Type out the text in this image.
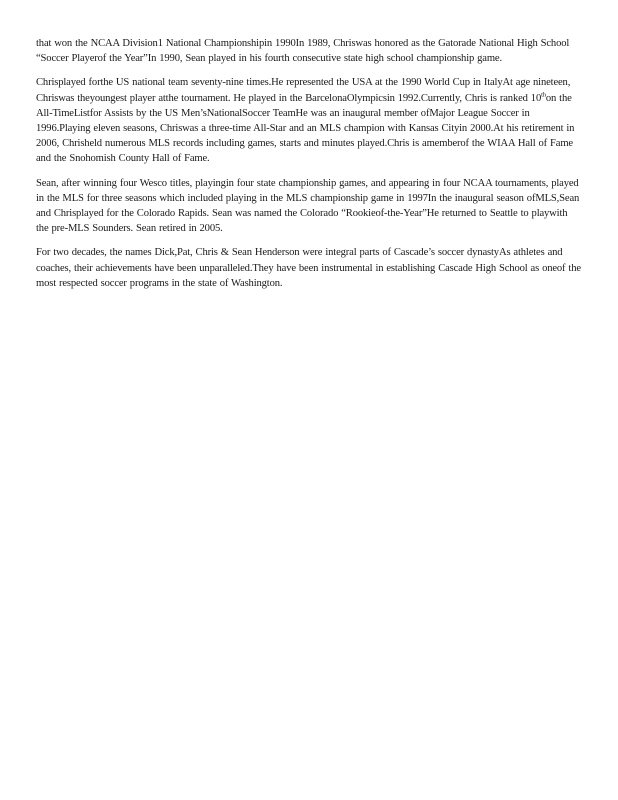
that won the NCAA Division1 National Championshipin 1990In 1989, Chriswas honored as the Gatorade National High School “Soccer Playerof the Year”In 1990, Sean played in his fourth consecutive state high school championship game.

Chrisplayed forthe US national team seventy-nine times.He represented the USA at the 1990 World Cup in ItalyAt age nineteen, Chriswas theyoungest player atthe tournament. He played in the BarcelonaOlympicsin 1992.Currently, Chris is ranked 10thon the All-TimeListfor Assists by the US Men’sNationalSoccer TeamHe was an inaugural member ofMajor League Soccer in 1996.Playing eleven seasons, Chriswas a three-time All-Star and an MLS champion with Kansas Cityin 2000.At his retirement in 2006, Chrisheld numerous MLS records including games, starts and minutes played.Chris is amemberof the WIAA Hall of Fame and the Snohomish County Hall of Fame.

Sean, after winning four Wesco titles, playingin four state championship games, and appearing in four NCAA tournaments, played in the MLS for three seasons which included playing in the MLS championship game in 1997In the inaugural season ofMLS,Sean and Chrisplayed for the Colorado Rapids. Sean was named the Colorado “Rookieof-the-Year”He returned to Seattle to playwith the pre-MLS Sounders. Sean retired in 2005.

For two decades, the names Dick,Pat, Chris & Sean Henderson were integral parts of Cascade’s soccer dynastyAs athletes and coaches, their achievements have been unparalleled.They have been instrumental in establishing Cascade High School as oneof the most respected soccer programs in the state of Washington.
